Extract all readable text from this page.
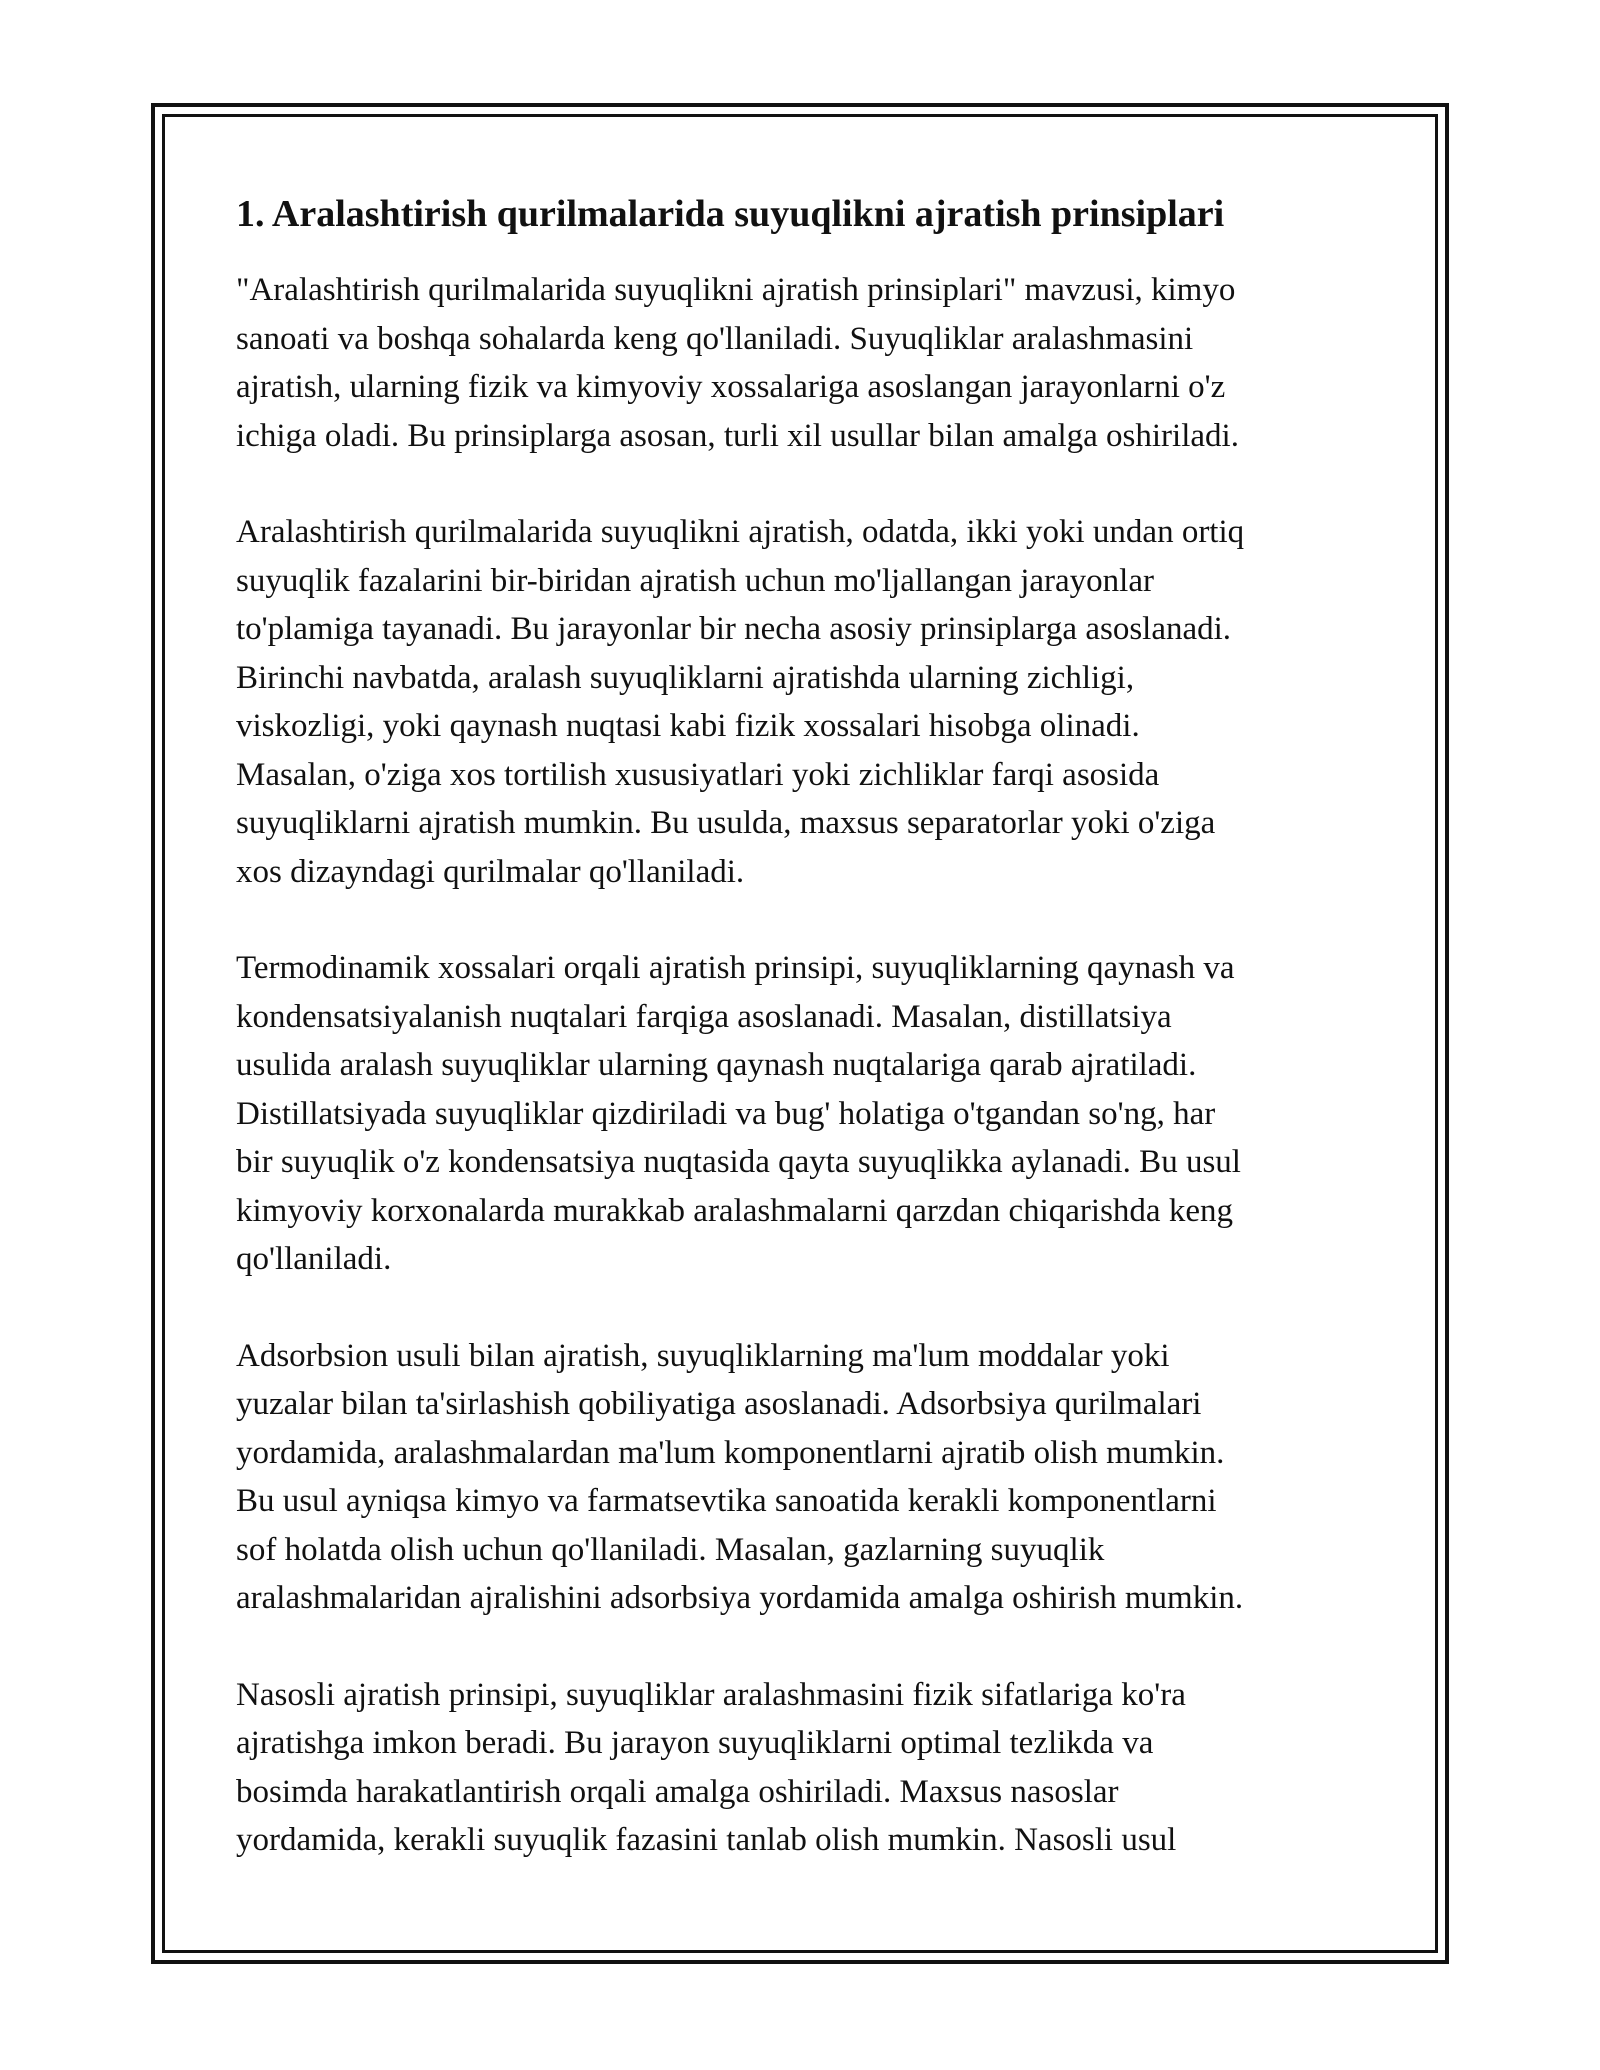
1. Aralashtirish qurilmalarida suyuqlikni ajratish prinsiplari

"Aralashtirish qurilmalarida suyuqlikni ajratish prinsiplari" mavzusi, kimyo
sanoati va boshqa sohalarda keng qo'llaniladi. Suyuqliklar aralashmasini
ajratish, ularning fizik va kimyoviy xossalariga asoslangan jarayonlarni o'z
ichiga oladi. Bu prinsiplarga asosan, turli xil usullar bilan amalga oshiriladi.

Aralashtirish qurilmalarida suyuqlikni ajratish, odatda, ikki yoki undan ortiq
suyuqlik fazalarini bir-biridan ajratish uchun mo'ljallangan jarayonlar
to'plamiga tayanadi. Bu jarayonlar bir necha asosiy prinsiplarga asoslanadi.
Birinchi navbatda, aralash suyuqliklarni ajratishda ularning zichligi,
viskozligi, yoki qaynash nuqtasi kabi fizik xossalari hisobga olinadi.
Masalan, o'ziga xos tortilish xususiyatlari yoki zichliklar farqi asosida
suyuqliklarni ajratish mumkin. Bu usulda, maxsus separatorlar yoki o'ziga
xos dizayndagi qurilmalar qo'llaniladi.

Termodinamik xossalari orqali ajratish prinsipi, suyuqliklarning qaynash va
kondensatsiyalanish nuqtalari farqiga asoslanadi. Masalan, distillatsiya
usulida aralash suyuqliklar ularning qaynash nuqtalariga qarab ajratiladi.
Distillatsiyada suyuqliklar qizdiriladi va bug' holatiga o'tgandan so'ng, har
bir suyuqlik o'z kondensatsiya nuqtasida qayta suyuqlikka aylanadi. Bu usul
kimyoviy korxonalarda murakkab aralashmalarni qarzdan chiqarishda keng
qo'llaniladi.

Adsorbsion usuli bilan ajratish, suyuqliklarning ma'lum moddalar yoki
yuzalar bilan ta'sirlashish qobiliyatiga asoslanadi. Adsorbsiya qurilmalari
yordamida, aralashmalardan ma'lum komponentlarni ajratib olish mumkin.
Bu usul ayniqsa kimyo va farmatsevtika sanoatida kerakli komponentlarni
sof holatda olish uchun qo'llaniladi. Masalan, gazlarning suyuqlik
aralashmalaridan ajralishini adsorbsiya yordamida amalga oshirish mumkin.

Nasosli ajratish prinsipi, suyuqliklar aralashmasini fizik sifatlariga ko'ra
ajratishga imkon beradi. Bu jarayon suyuqliklarni optimal tezlikda va
bosimda harakatlantirish orqali amalga oshiriladi. Maxsus nasoslar
yordamida, kerakli suyuqlik fazasini tanlab olish mumkin. Nasosli usul
